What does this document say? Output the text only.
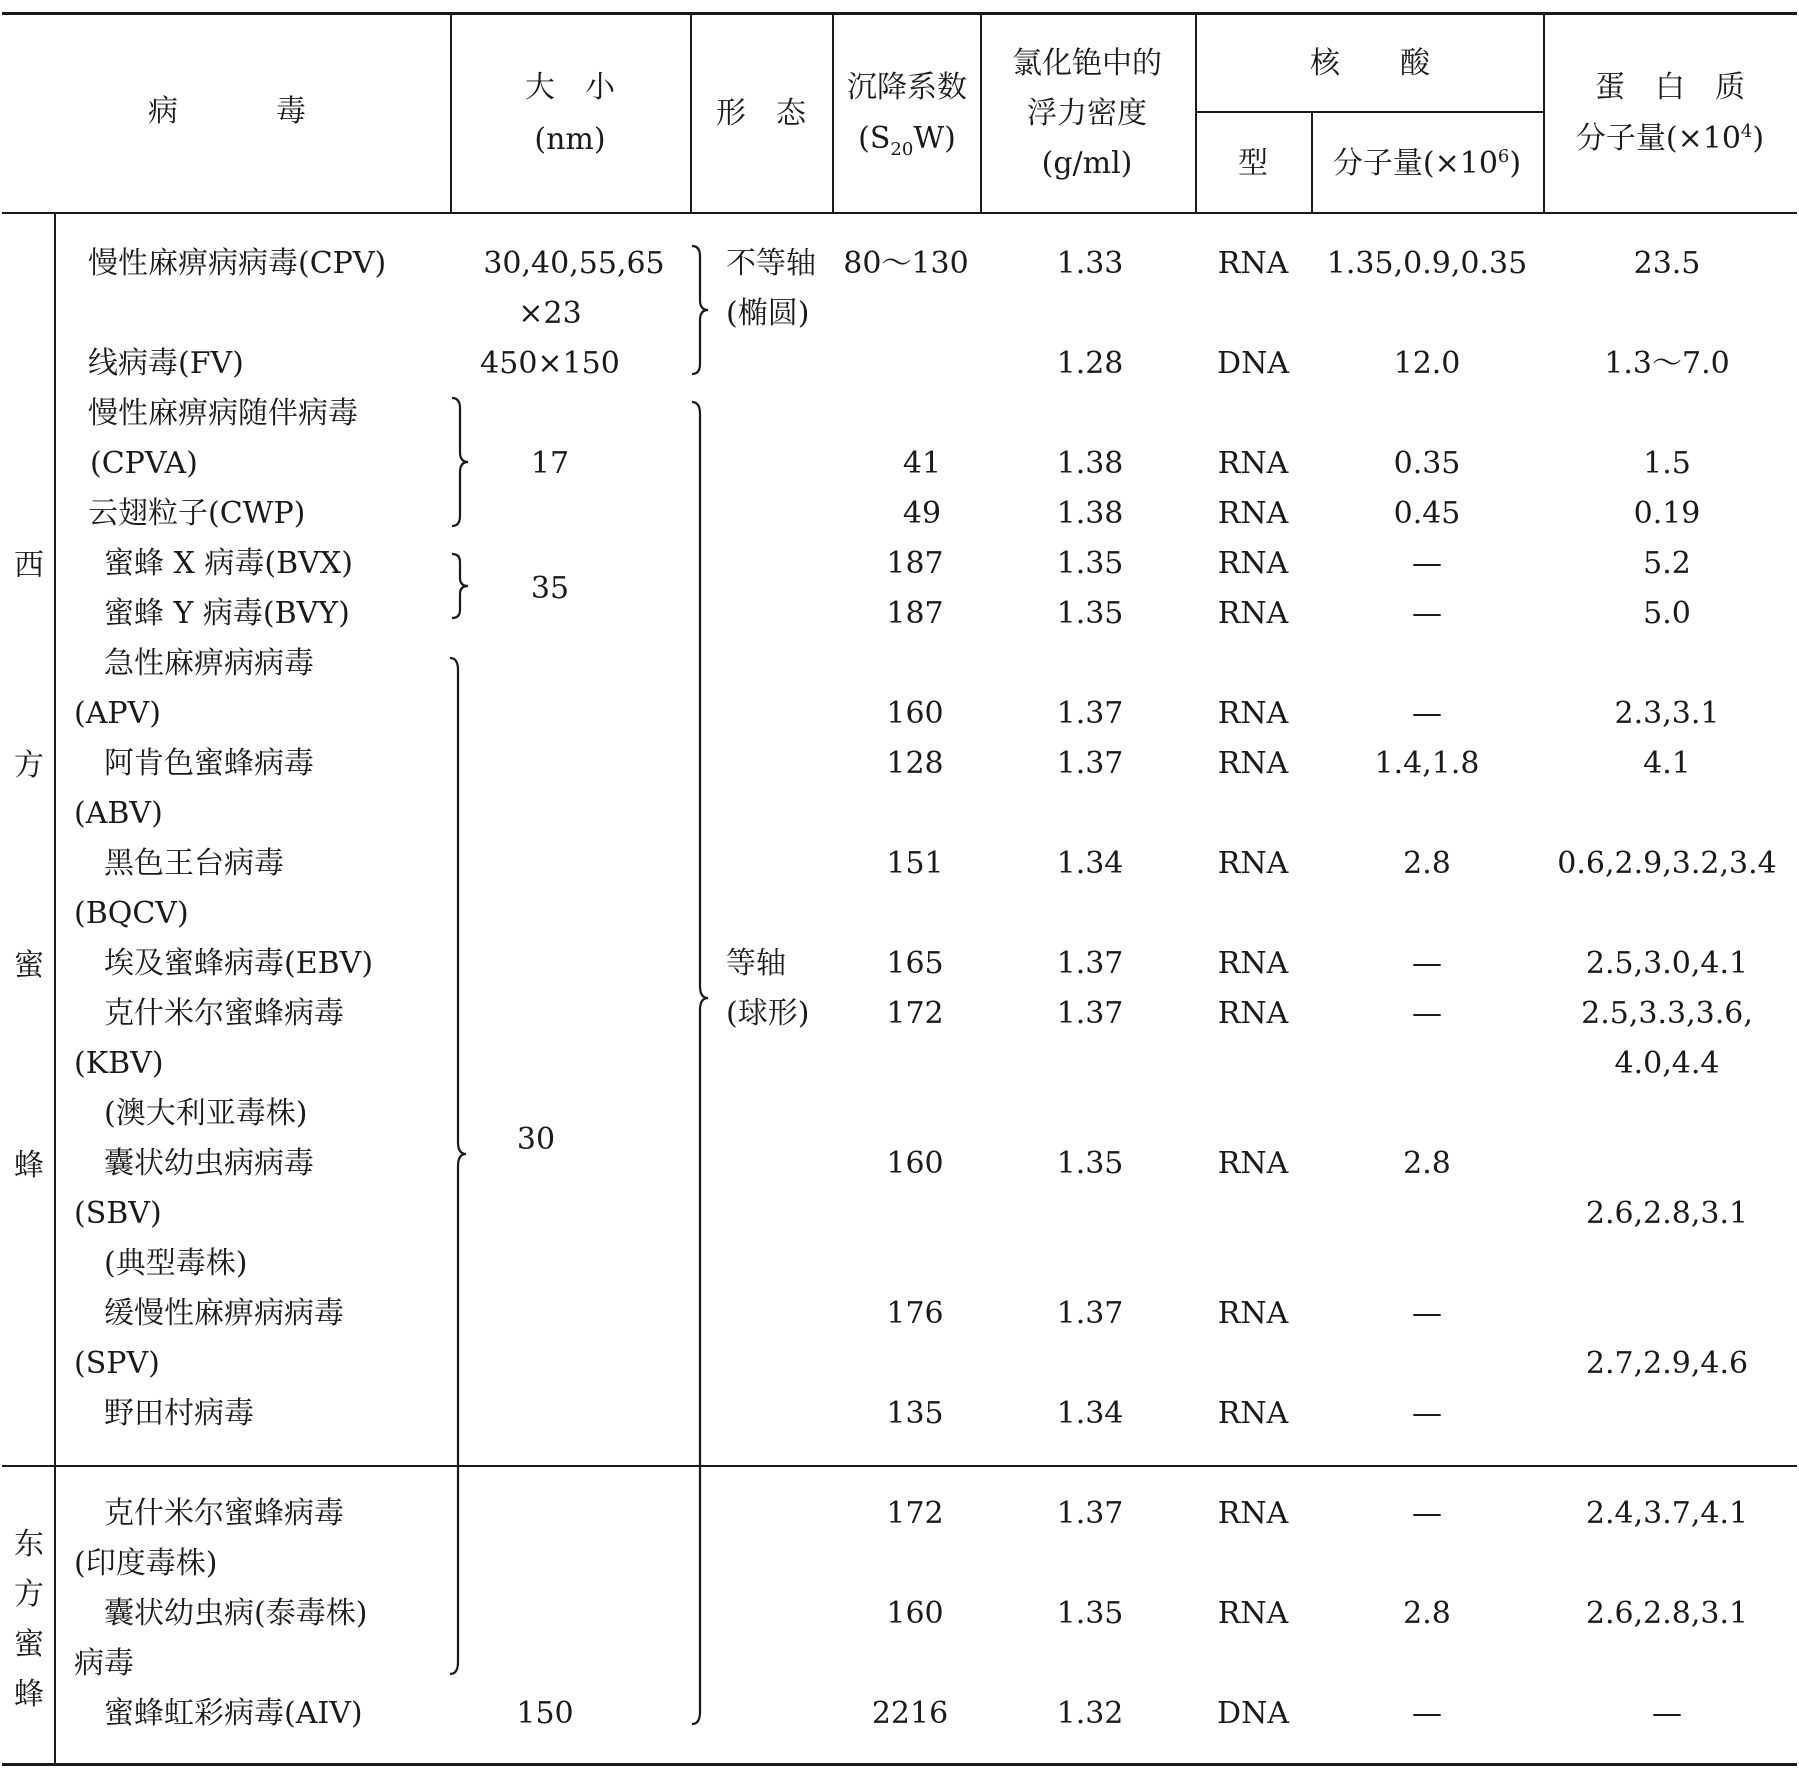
病　　　毒
大　小
(nm)
形　态
沉降系数
$(S_{20}W)$
氯化铯中的
浮力密度
(g/ml)
核　　酸
型 分子量$(\times 10^6)$
蛋　白　质
分子量$(\times 10^4)$
西
方
蜜
蜂
东
方
蜜
蜂
慢性麻痹病病毒(CPV)
线病毒(FV)
慢性麻痹病随伴病毒
(CPVA)
云翅粒子(CWP)
蜜蜂 X 病毒(BVX)
蜜蜂 Y 病毒(BVY)
急性麻痹病病毒
(APV)
阿肯色蜜蜂病毒
(ABV)
黑色王台病毒
(BQCV)
埃及蜜蜂病毒(EBV)
克什米尔蜜蜂病毒
(KBV)
(澳大利亚毒株)
囊状幼虫病病毒
(SBV)
(典型毒株)
缓慢性麻痹病病毒
(SPV)
野田村病毒
克什米尔蜜蜂病毒
(印度毒株)
囊状幼虫病(泰毒株)
病毒
蜜蜂虹彩病毒(AIV)
30,40,55,65
×23
450×150
17
35
30
150
不等轴
(椭圆)
等轴
(球形)
80～130
41
49
187
187
160
128
151
165
172
160
176
135
172
160
2216
1.33
1.28
1.38
1.38
1.35
1.35
1.37
1.37
1.34
1.37
1.37
1.35
1.37
1.34
1.37
1.35
1.32
RNA
DNA
RNA
RNA
RNA
RNA
RNA
RNA
RNA
RNA
RNA
RNA
RNA
RNA
RNA
RNA
DNA
1.35,0.9,0.35
12.0
0.35
0.45
—
—
—
1.4,1.8
2.8
—
—
2.8
—
—
—
2.8
—
23.5
1.3～7.0
1.5
0.19
5.2
5.0
2.3,3.1
4.1
0.6,2.9,3.2,3.4
2.5,3.0,4.1
2.5,3.3,3.6,
4.0,4.4
2.6,2.8,3.1
2.7,2.9,4.6
2.4,3.7,4.1
2.6,2.8,3.1
—
